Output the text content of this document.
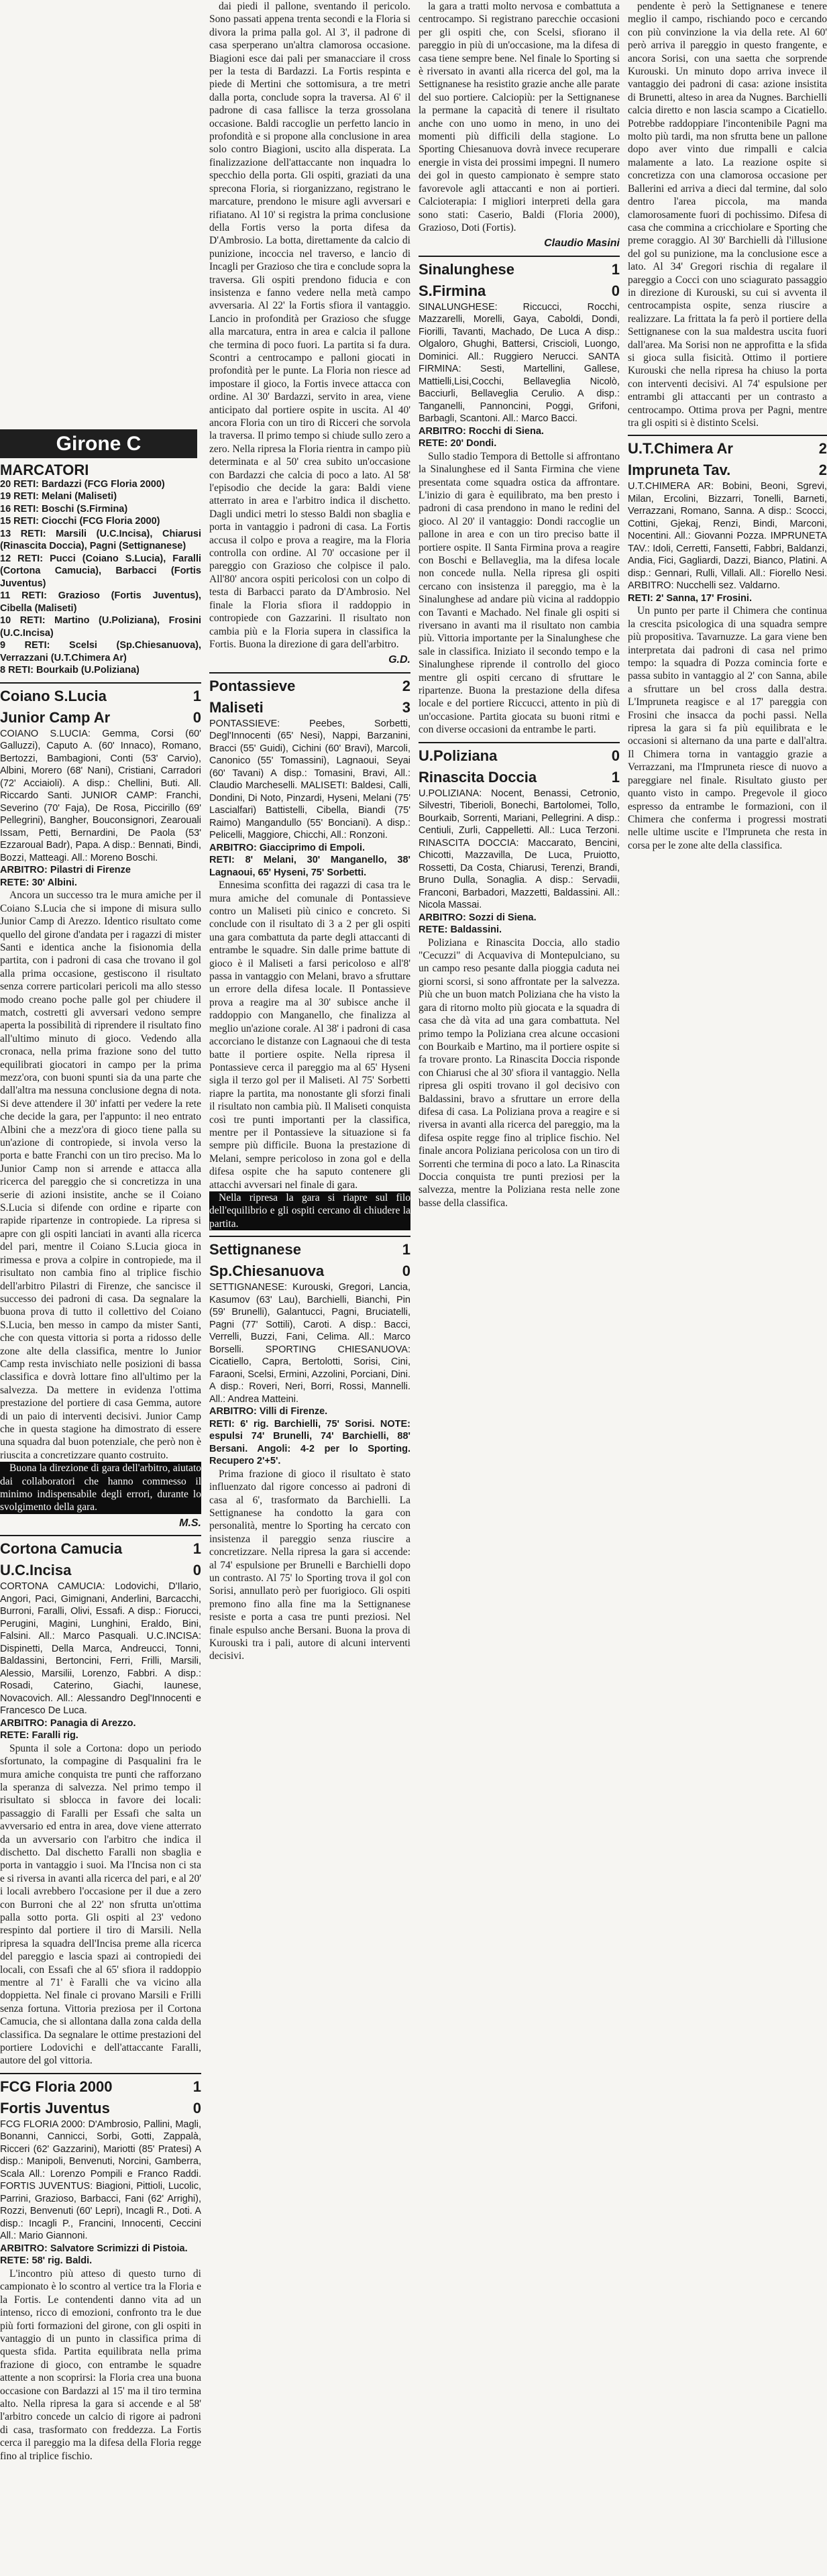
Girone C
MARCATORI

20 RETI: Bardazzi (FCG Floria 2000)

19 RETI: Melani (Maliseti)

16 RETI: Boschi (S.Firmina)

15 RETI: Ciocchi (FCG Floria 2000)

13 RETI: Marsili (U.C.Incisa), Chiarusi (Rinascita Doccia), Pagni (Settignanese)

12 RETI: Pucci (Coiano S.Lucia), Faralli (Cortona Camucia), Barbacci (Fortis Juventus)

11 RETI: Grazioso (Fortis Juventus), Cibella (Maliseti)

10 RETI: Martino (U.Poliziana), Frosini (U.C.Incisa)

9 RETI: Scelsi (Sp.Chiesanuova), Verrazzani (U.T.Chimera Ar)

8 RETI: Bourkaib (U.Poliziana)

Coiano S.Lucia	1
Junior Camp Ar	0

COIANO S.LUCIA: Gemma, Corsi (60' Galluzzi), Caputo A. (60' Innaco), Romano, Bertozzi, Bambagioni, Conti (53' Carvio), Albini, Morero (68' Nani), Cristiani, Carradori (72' Acciaioli). A disp.: Chellini, Buti. All. Riccardo Santi. JUNIOR CAMP: Franchi, Severino (70' Faja), De Rosa, Piccirillo (69' Pellegrini), Bangher, Bouconsignori, Zearouali Issam, Petti, Bernardini, De Paola (53' Ezzaroual Badr), Papa. A disp.: Bennati, Bindi, Bozzi, Matteagi. All.: Moreno Boschi.

ARBITRO: Pilastri di Firenze

RETE: 30' Albini.

Ancora un successo tra le mura amiche per il Coiano S.Lucia che si impone di misura sullo Junior Camp di Arezzo. Identico risultato come quello del girone d'andata per i ragazzi di mister Santi e identica anche la fisionomia della partita, con i padroni di casa che trovano il gol alla prima occasione, gestiscono il risultato senza correre particolari pericoli ma allo stesso modo creano poche palle gol per chiudere il match, costretti gli avversari vedono sempre aperta la possibilità di riprendere il risultato fino all'ultimo minuto di gioco. Vedendo alla cronaca, nella prima frazione sono del tutto equilibrati giocatori in campo per la prima mezz'ora, con buoni spunti sia da una parte che dall'altra ma nessuna conclusione degna di nota. Si deve attendere il 30' infatti per vedere la rete che decide la gara, per l'appunto: il neo entrato Albini che a mezz'ora di gioco tiene palla su un'azione di contropiede, si invola verso la porta e batte Franchi con un tiro preciso. Ma lo Junior Camp non si arrende e attacca alla ricerca del pareggio che si concretizza in una serie di azioni insistite, anche se il Coiano S.Lucia si difende con ordine e riparte con rapide ripartenze in contropiede. La ripresa si apre con gli ospiti lanciati in avanti alla ricerca del pari, mentre il Coiano S.Lucia gioca in rimessa e prova a colpire in contropiede, ma il risultato non cambia fino al triplice fischio dell'arbitro Pilastri di Firenze, che sancisce il successo dei padroni di casa. Da segnalare la buona prova di tutto il collettivo del Coiano S.Lucia, ben messo in campo da mister Santi, che con questa vittoria si porta a ridosso delle zone alte della classifica, mentre lo Junior Camp resta invischiato nelle posizioni di bassa classifica e dovrà lottare fino all'ultimo per la salvezza. Da mettere in evidenza l'ottima prestazione del portiere di casa Gemma, autore di un paio di interventi decisivi. Junior Camp che in questa stagione ha dimostrato di essere una squadra dal buon potenziale, che però non è riuscita a concretizzare quanto costruito.

Buona la direzione di gara dell'arbitro, aiutato dai collaboratori che hanno commesso il minimo indispensabile degli errori, durante lo svolgimento della gara.

M.S.
Cortona Camucia	1
U.C.Incisa	0

CORTONA CAMUCIA: Lodovichi, D'Ilario, Angori, Paci, Gimignani, Anderlini, Barcacchi, Burroni, Faralli, Olivi, Essafi. A disp.: Fiorucci, Perugini, Magini, Lunghini, Eraldo, Bini, Falsini. All.: Marco Pasquali. U.C.INCISA: Dispinetti, Della Marca, Andreucci, Tonni, Baldassini, Bertoncini, Ferri, Frilli, Marsili, Alessio, Marsilii, Lorenzo, Fabbri. A disp.: Rosadi, Caterino, Giachi, Iaunese, Novacovich. All.: Alessandro Degl'Innocenti e Francesco De Luca.

ARBITRO: Panagia di Arezzo.

RETE: Faralli rig.

Spunta il sole a Cortona: dopo un periodo sfortunato, la compagine di Pasqualini fra le mura amiche conquista tre punti che rafforzano la speranza di salvezza. Nel primo tempo il risultato si sblocca in favore dei locali: passaggio di Faralli per Essafi che salta un avversario ed entra in area, dove viene atterrato da un avversario con l'arbitro che indica il dischetto. Dal dischetto Faralli non sbaglia e porta in vantaggio i suoi. Ma l'Incisa non ci sta e si riversa in avanti alla ricerca del pari, e al 20' i locali avrebbero l'occasione per il due a zero con Burroni che al 22' non sfrutta un'ottima palla sotto porta. Gli ospiti al 23' vedono respinto dal portiere il tiro di Marsili. Nella ripresa la squadra dell'Incisa preme alla ricerca del pareggio e lascia spazi ai contropiedi dei locali, con Essafi che al 65' sfiora il raddoppio mentre al 71' è Faralli che va vicino alla doppietta. Nel finale ci provano Marsili e Frilli senza fortuna. Vittoria preziosa per il Cortona Camucia, che si allontana dalla zona calda della classifica. Da segnalare le ottime prestazioni del portiere Lodovichi e dell'attaccante Faralli, autore del gol vittoria.

FCG Floria 2000	1
Fortis Juventus	0

FCG FLORIA 2000: D'Ambrosio, Pallini, Magli, Bonanni, Cannicci, Sorbi, Gotti, Zappalà, Ricceri (62' Gazzarini), Mariotti (85' Pratesi) A disp.: Manipoli, Benvenuti, Norcini, Gamberra, Scala All.: Lorenzo Pompili e Franco Raddi. FORTIS JUVENTUS: Biagioni, Pittioli, Lucolic, Parrini, Grazioso, Barbacci, Fani (62' Arrighi), Rozzi, Benvenuti (60' Lepri), Incagli R., Doti. A disp.: Incagli P., Francini, Innocenti, Ceccini All.: Mario Giannoni.

ARBITRO: Salvatore Scrimizzi di Pistoia.

RETE: 58' rig. Baldi.

L'incontro più atteso di questo turno di campionato è lo scontro al vertice tra la Floria e la Fortis. Le contendenti danno vita ad un intenso, ricco di emozioni, confronto tra le due più forti formazioni del girone, con gli ospiti in vantaggio di un punto in classifica prima di questa sfida. Partita equilibrata nella prima frazione di gioco, con entrambe le squadre attente a non scoprirsi: la Floria crea una buona occasione con Bardazzi al 15' ma il tiro termina alto. Nella ripresa la gara si accende e al 58' l'arbitro concede un calcio di rigore ai padroni di casa, trasformato con freddezza. La Fortis cerca il pareggio ma la difesa della Floria regge fino al triplice fischio.

dai piedi il pallone, sventando il pericolo. Sono passati appena trenta secondi e la Floria si divora la prima palla gol. Al 3', il padrone di casa sperperano un'altra clamorosa occasione. Biagioni esce dai pali per smanacciare il cross per la testa di Bardazzi. La Fortis respinta e piede di Mertini che sottomisura, a tre metri dalla porta, conclude sopra la traversa. Al 6' il padrone di casa fallisce la terza grossolana occasione. Baldi raccoglie un perfetto lancio in profondità e si propone alla conclusione in area solo contro Biagioni, uscito alla disperata. La finalizzazione dell'attaccante non inquadra lo specchio della porta. Gli ospiti, graziati da una sprecona Floria, si riorganizzano, registrano le marcature, prendono le misure agli avversari e rifiatano. Al 10' si registra la prima conclusione della Fortis verso la porta difesa da D'Ambrosio. La botta, direttamente da calcio di punizione, incoccia nel traverso, e lancio di Incagli per Grazioso che tira e conclude sopra la traversa. Gli ospiti prendono fiducia e con insistenza e fanno vedere nella metà campo avversaria. Al 22' la Fortis sfiora il vantaggio. Lancio in profondità per Grazioso che sfugge alla marcatura, entra in area e calcia il pallone che termina di poco fuori. La partita si fa dura. Scontri a centrocampo e palloni giocati in profondità per le punte. La Floria non riesce ad impostare il gioco, la Fortis invece attacca con ordine. Al 30' Bardazzi, servito in area, viene anticipato dal portiere ospite in uscita. Al 40' ancora Floria con un tiro di Ricceri che sorvola la traversa. Il primo tempo si chiude sullo zero a zero. Nella ripresa la Floria rientra in campo più determinata e al 50' crea subito un'occasione con Bardazzi che calcia di poco a lato. Al 58' l'episodio che decide la gara: Baldi viene atterrato in area e l'arbitro indica il dischetto. Dagli undici metri lo stesso Baldi non sbaglia e porta in vantaggio i padroni di casa. La Fortis accusa il colpo e prova a reagire, ma la Floria controlla con ordine. Al 70' occasione per il pareggio con Grazioso che colpisce il palo. All'80' ancora ospiti pericolosi con un colpo di testa di Barbacci parato da D'Ambrosio. Nel finale la Floria sfiora il raddoppio in contropiede con Gazzarini. Il risultato non cambia più e la Floria supera in classifica la Fortis. Buona la direzione di gara dell'arbitro.

G.D.
Pontassieve	2
Maliseti	3

PONTASSIEVE: Peebes, Sorbetti, Degl'Innocenti (65' Nesi), Nappi, Barzanini, Bracci (55' Guidi), Cichini (60' Bravi), Marcoli, Canonico (55' Tomassini), Lagnaoui, Seyai (60' Tavani) A disp.: Tomasini, Bravi, All.: Claudio Marcheselli. MALISETI: Baldesi, Calli, Dondini, Di Noto, Pinzardi, Hyseni, Melani (75' Lascialfari) Battistelli, Cibella, Biandi (75' Raimo) Mangandullo (55' Bonciani). A disp.: Pelicelli, Maggiore, Chicchi, All.: Ronzoni.

ARBITRO: Giacciprimo di Empoli.

RETI: 8' Melani, 30' Manganello, 38' Lagnaoui, 65' Hyseni, 75' Sorbetti.

Ennesima sconfitta dei ragazzi di casa tra le mura amiche del comunale di Pontassieve contro un Maliseti più cinico e concreto. Si conclude con il risultato di 3 a 2 per gli ospiti una gara combattuta da parte degli attaccanti di entrambe le squadre. Sin dalle prime battute di gioco è il Maliseti a farsi pericoloso e all'8' passa in vantaggio con Melani, bravo a sfruttare un errore della difesa locale. Il Pontassieve prova a reagire ma al 30' subisce anche il raddoppio con Manganello, che finalizza al meglio un'azione corale. Al 38' i padroni di casa accorciano le distanze con Lagnaoui che di testa batte il portiere ospite. Nella ripresa il Pontassieve cerca il pareggio ma al 65' Hyseni sigla il terzo gol per il Maliseti. Al 75' Sorbetti riapre la partita, ma nonostante gli sforzi finali il risultato non cambia più. Il Maliseti conquista così tre punti importanti per la classifica, mentre per il Pontassieve la situazione si fa sempre più difficile. Buona la prestazione di Melani, sempre pericoloso in zona gol e della difesa ospite che ha saputo contenere gli attacchi avversari nel finale di gara.

Nella ripresa la gara si riapre sul filo dell'equilibrio e gli ospiti cercano di chiudere la partita.

Settignanese	1
Sp.Chiesanuova	0

SETTIGNANESE: Kurouski, Gregori, Lancia, Kasumov (63' Lau), Barchielli, Bianchi, Pin (59' Brunelli), Galantucci, Pagni, Bruciatelli, Pagni (77' Sottili), Caroti. A disp.: Bacci, Verrelli, Buzzi, Fani, Celima. All.: Marco Borselli. SPORTING CHIESANUOVA: Cicatiello, Capra, Bertolotti, Sorisi, Cini, Faraoni, Scelsi, Ermini, Azzolini, Porciani, Dini. A disp.: Roveri, Neri, Borri, Rossi, Mannelli. All.: Andrea Matteini.

ARBITRO: Villi di Firenze.

RETI: 6' rig. Barchielli, 75' Sorisi. NOTE: espulsi 74' Brunelli, 74' Barchielli, 88' Bersani. Angoli: 4-2 per lo Sporting. Recupero 2'+5'.

Prima frazione di gioco il risultato è stato influenzato dal rigore concesso ai padroni di casa al 6', trasformato da Barchielli. La Settignanese ha condotto la gara con personalità, mentre lo Sporting ha cercato con insistenza il pareggio senza riuscire a concretizzare. Nella ripresa la gara si accende: al 74' espulsione per Brunelli e Barchielli dopo un contrasto. Al 75' lo Sporting trova il gol con Sorisi, annullato però per fuorigioco. Gli ospiti premono fino alla fine ma la Settignanese resiste e porta a casa tre punti preziosi. Nel finale espulso anche Bersani. Buona la prova di Kurouski tra i pali, autore di alcuni interventi decisivi.

la gara a tratti molto nervosa e combattuta a centrocampo. Si registrano parecchie occasioni per gli ospiti che, con Scelsi, sfiorano il pareggio in più di un'occasione, ma la difesa di casa tiene sempre bene. Nel finale lo Sporting si è riversato in avanti alla ricerca del gol, ma la Settignanese ha resistito grazie anche alle parate del suo portiere. Calciopiù: per la Settignanese la permane la capacità di tenere il risultato anche con uno uomo in meno, in uno dei momenti più difficili della stagione. Lo Sporting Chiesanuova dovrà invece recuperare energie in vista dei prossimi impegni. Il numero dei gol in questo campionato è sempre stato favorevole agli attaccanti e non ai portieri. Calcioterapia: I migliori interpreti della gara sono stati: Caserio, Baldi (Floria 2000), Grazioso, Doti (Fortis).

Claudio Masini
Sinalunghese	1
S.Firmina	0

SINALUNGHESE: Riccucci, Rocchi, Mazzarelli, Morelli, Gaya, Caboldi, Dondi, Fiorilli, Tavanti, Machado, De Luca A disp.: Olgaloro, Ghughi, Battersi, Criscioli, Luongo, Dominici. All.: Ruggiero Nerucci. SANTA FIRMINA: Sesti, Martellini, Gallese, Mattielli,Lisi,Cocchi, Bellaveglia Nicolò, Bacciurli, Bellaveglia Cerulio. A disp.: Tanganelli, Pannoncini, Poggi, Grifoni, Barbagli, Scantoni. All.: Marco Bacci.

ARBITRO: Rocchi di Siena.

RETE: 20' Dondi.

Sullo stadio Tempora di Bettolle si affrontano la Sinalunghese ed il Santa Firmina che viene presentata come squadra ostica da affrontare. L'inizio di gara è equilibrato, ma ben presto i padroni di casa prendono in mano le redini del gioco. Al 20' il vantaggio: Dondi raccoglie un pallone in area e con un tiro preciso batte il portiere ospite. Il Santa Firmina prova a reagire con Boschi e Bellaveglia, ma la difesa locale non concede nulla. Nella ripresa gli ospiti cercano con insistenza il pareggio, ma è la Sinalunghese ad andare più vicina al raddoppio con Tavanti e Machado. Nel finale gli ospiti si riversano in avanti ma il risultato non cambia più. Vittoria importante per la Sinalunghese che sale in classifica. Iniziato il secondo tempo e la Sinalunghese riprende il controllo del gioco mentre gli ospiti cercano di sfruttare le ripartenze. Buona la prestazione della difesa locale e del portiere Riccucci, attento in più di un'occasione. Partita giocata su buoni ritmi e con diverse occasioni da entrambe le parti.

U.Poliziana	0
Rinascita Doccia	1

U.POLIZIANA: Nocent, Benassi, Cetronio, Silvestri, Tiberioli, Bonechi, Bartolomei, Tollo, Bourkaib, Sorrenti, Mariani, Pellegrini. A disp.: Centiuli, Zurli, Cappelletti. All.: Luca Terzoni. RINASCITA DOCCIA: Maccarato, Bencini, Chicotti, Mazzavilla, De Luca, Pruiotto, Rossetti, Da Costa, Chiarusi, Terenzi, Brandi, Bruno Dulla, Sonaglia. A disp.: Servadii, Franconi, Barbadori, Mazzetti, Baldassini. All.: Nicola Massai.

ARBITRO: Sozzi di Siena.

RETE: Baldassini.

Poliziana e Rinascita Doccia, allo stadio "Cecuzzi" di Acquaviva di Montepulciano, su un campo reso pesante dalla pioggia caduta nei giorni scorsi, si sono affrontate per la salvezza. Più che un buon match Poliziana che ha visto la gara di ritorno molto più giocata e la squadra di casa che dà vita ad una gara combattuta. Nel primo tempo la Poliziana crea alcune occasioni con Bourkaib e Martino, ma il portiere ospite si fa trovare pronto. La Rinascita Doccia risponde con Chiarusi che al 30' sfiora il vantaggio. Nella ripresa gli ospiti trovano il gol decisivo con Baldassini, bravo a sfruttare un errore della difesa di casa. La Poliziana prova a reagire e si riversa in avanti alla ricerca del pareggio, ma la difesa ospite regge fino al triplice fischio. Nel finale ancora Poliziana pericolosa con un tiro di Sorrenti che termina di poco a lato. La Rinascita Doccia conquista tre punti preziosi per la salvezza, mentre la Poliziana resta nelle zone basse della classifica.

pendente è però la Settignanese e tenere meglio il campo, rischiando poco e cercando con più convinzione la via della rete. Al 60' però arriva il pareggio in questo frangente, e ancora Sorisi, con una saetta che sorprende Kurouski. Un minuto dopo arriva invece il vantaggio dei padroni di casa: azione insistita di Brunetti, alteso in area da Nugnes. Barchielli calcia diretto e non lascia scampo a Cicatiello. Potrebbe raddoppiare l'incontenibile Pagni ma molto più tardi, ma non sfrutta bene un pallone dopo aver vinto due rimpalli e calcia malamente a lato. La reazione ospite si concretizza con una clamorosa occasione per Ballerini ed arriva a dieci dal termine, dal solo dentro l'area piccola, ma manda clamorosamente fuori di pochissimo. Difesa di casa che commina a cricchiolare e Sporting che preme coraggio. Al 30' Barchielli dà l'illusione del gol su punizione, ma la conclusione esce a lato. Al 34' Gregori rischia di regalare il pareggio a Cocci con uno sciagurato passaggio in direzione di Kurouski, su cui si avventa il centrocampista ospite, senza riuscire a realizzare. La frittata la fa però il portiere della Settignanese con la sua maldestra uscita fuori dall'area. Ma Sorisi non ne approfitta e la sfida si gioca sulla fisicità. Ottimo il portiere Kurouski che nella ripresa ha chiuso la porta con interventi decisivi. Al 74' espulsione per entrambi gli attaccanti per un contrasto a centrocampo. Ottima prova per Pagni, mentre tra gli ospiti si è distinto Scelsi.

U.T.Chimera Ar	2
Impruneta Tav.	2

U.T.CHIMERA AR: Bobini, Beoni, Sgrevi, Milan, Ercolini, Bizzarri, Tonelli, Barneti, Verrazzani, Romano, Sanna. A disp.: Scocci, Cottini, Gjekaj, Renzi, Bindi, Marconi, Nocentini. All.: Giovanni Pozza. IMPRUNETA TAV.: Idoli, Cerretti, Fansetti, Fabbri, Baldanzi, Andia, Fici, Gagliardi, Dazzi, Bianco, Platini. A disp.: Gennari, Rulli, Villali. All.: Fiorello Nesi. ARBITRO: Nucchelli sez. Valdarno.

RETI: 2' Sanna, 17' Frosini.

Un punto per parte il Chimera che continua la crescita psicologica di una squadra sempre più propositiva. Tavarnuzze. La gara viene ben interpretata dai padroni di casa nel primo tempo: la squadra di Pozza comincia forte e passa subito in vantaggio al 2' con Sanna, abile a sfruttare un bel cross dalla destra. L'Impruneta reagisce e al 17' pareggia con Frosini che insacca da pochi passi. Nella ripresa la gara si fa più equilibrata e le occasioni si alternano da una parte e dall'altra. Il Chimera torna in vantaggio grazie a Verrazzani, ma l'Impruneta riesce di nuovo a pareggiare nel finale. Risultato giusto per quanto visto in campo. Pregevole il gioco espresso da entrambe le formazioni, con il Chimera che conferma i progressi mostrati nelle ultime uscite e l'Impruneta che resta in corsa per le zone alte della classifica.
